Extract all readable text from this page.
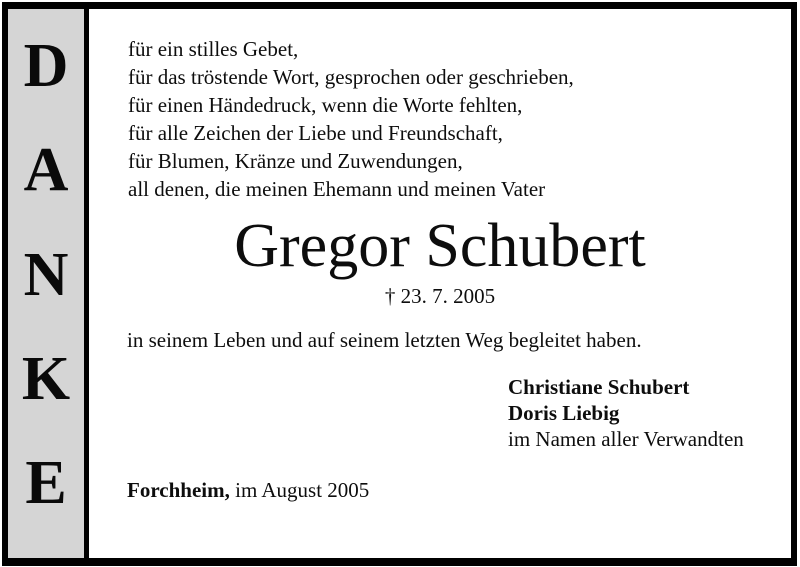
D
A
N
K
E
für ein stilles Gebet,
für das tröstende Wort, gesprochen oder geschrieben,
für einen Händedruck, wenn die Worte fehlten,
für alle Zeichen der Liebe und Freundschaft,
für Blumen, Kränze und Zuwendungen,
all denen, die meinen Ehemann und meinen Vater
Gregor Schubert
† 23. 7. 2005
in seinem Leben und auf seinem letzten Weg begleitet haben.
Christiane Schubert
Doris Liebig
im Namen aller Verwandten
Forchheim, im August 2005
